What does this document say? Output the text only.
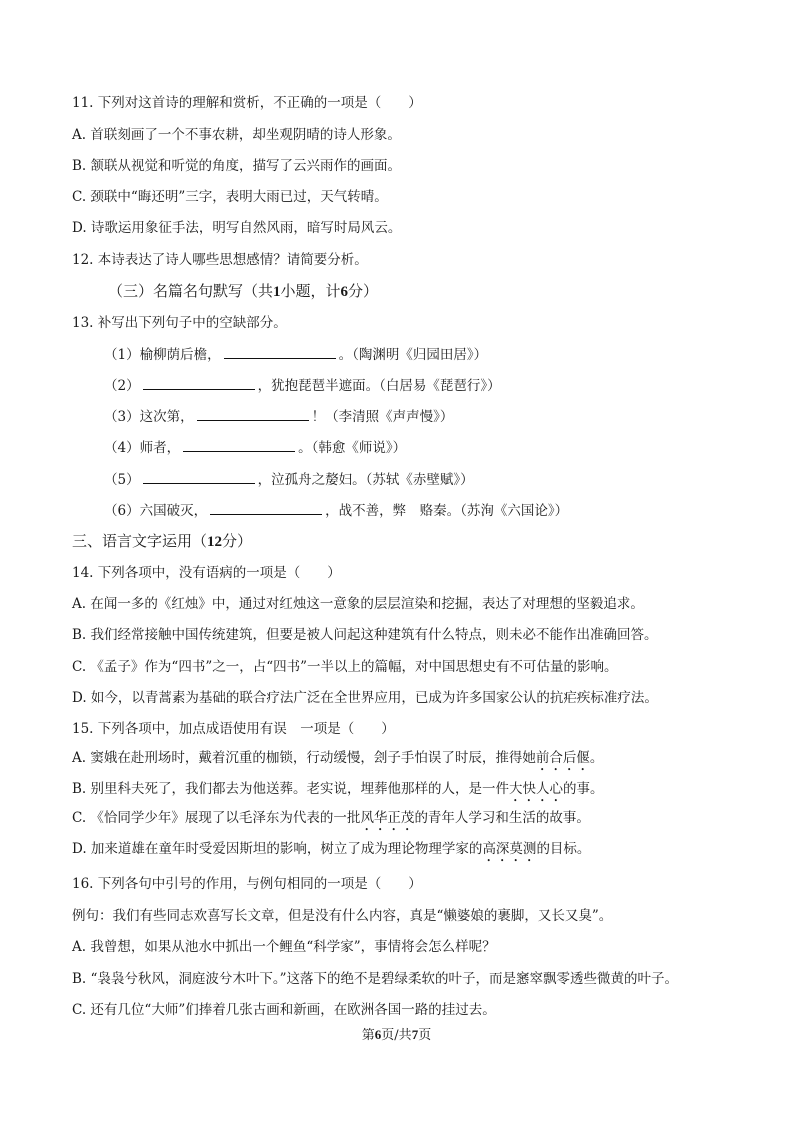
11. 下列对这首诗的理解和赏析，不正确的一项是（　　）
A. 首联刻画了一个不事农耕，却坐观阴晴的诗人形象。
B. 颔联从视觉和听觉的角度，描写了云兴雨作的画面。
C. 颈联中“晦还明”三字，表明大雨已过，天气转晴。
D. 诗歌运用象征手法，明写自然风雨，暗写时局风云。
12. 本诗表达了诗人哪些思想感情？请简要分析。
（三）名篇名句默写（共1小题，计6分）
13. 补写出下列句子中的空缺部分。
（1）榆柳荫后檐，	。（陶渊明《归园田居》）
（2）	，犹抱琵琶半遮面。（白居易《琵琶行》）
（3）这次第，	！（李清照《声声慢》）
（4）师者，	。（韩愈《师说》）
（5）	，泣孤舟之嫠妇。（苏轼《赤壁赋》）
（6）六国破灭，	，战不善，弊　赂秦。（苏洵《六国论》）
三、语言文字运用（12分）
14. 下列各项中，没有语病的一项是（　　）
A. 在闻一多的《红烛》中，通过对红烛这一意象的层层渲染和挖掘，表达了对理想的坚毅追求。
B. 我们经常接触中国传统建筑，但要是被人问起这种建筑有什么特点，则未必不能作出准确回答。
C. 《孟子》作为“四书”之一，占“四书”一半以上的篇幅，对中国思想史有不可估量的影响。
D. 如今，以青蒿素为基础的联合疗法广泛在全世界应用，已成为许多国家公认的抗疟疾标准疗法。
15. 下列各项中，加点成语使用有误　一项是（　　）
A. 窦娥在赴刑场时，戴着沉重的枷锁，行动缓慢，刽子手怕误了时辰，推得她前合后偃。
B. 别里科夫死了，我们都去为他送葬。老实说，埋葬他那样的人，是一件大快人心的事。
C. 《恰同学少年》展现了以毛泽东为代表的一批风华正茂的青年人学习和生活的故事。
D. 加来道雄在童年时受爱因斯坦的影响，树立了成为理论物理学家的高深莫测的目标。
16. 下列各句中引号的作用，与例句相同的一项是（　　）
例句：我们有些同志欢喜写长文章，但是没有什么内容，真是“懒婆娘的裹脚，又长又臭”。
A. 我曾想，如果从池水中抓出一个鲤鱼“科学家”，事情将会怎么样呢？
B. “袅袅兮秋风，洞庭波兮木叶下。”这落下的绝不是碧绿柔软的叶子，而是窸窣飘零透些微黄的叶子。
C. 还有几位“大师”们捧着几张古画和新画，在欧洲各国一路的挂过去。
第6页/共7页
